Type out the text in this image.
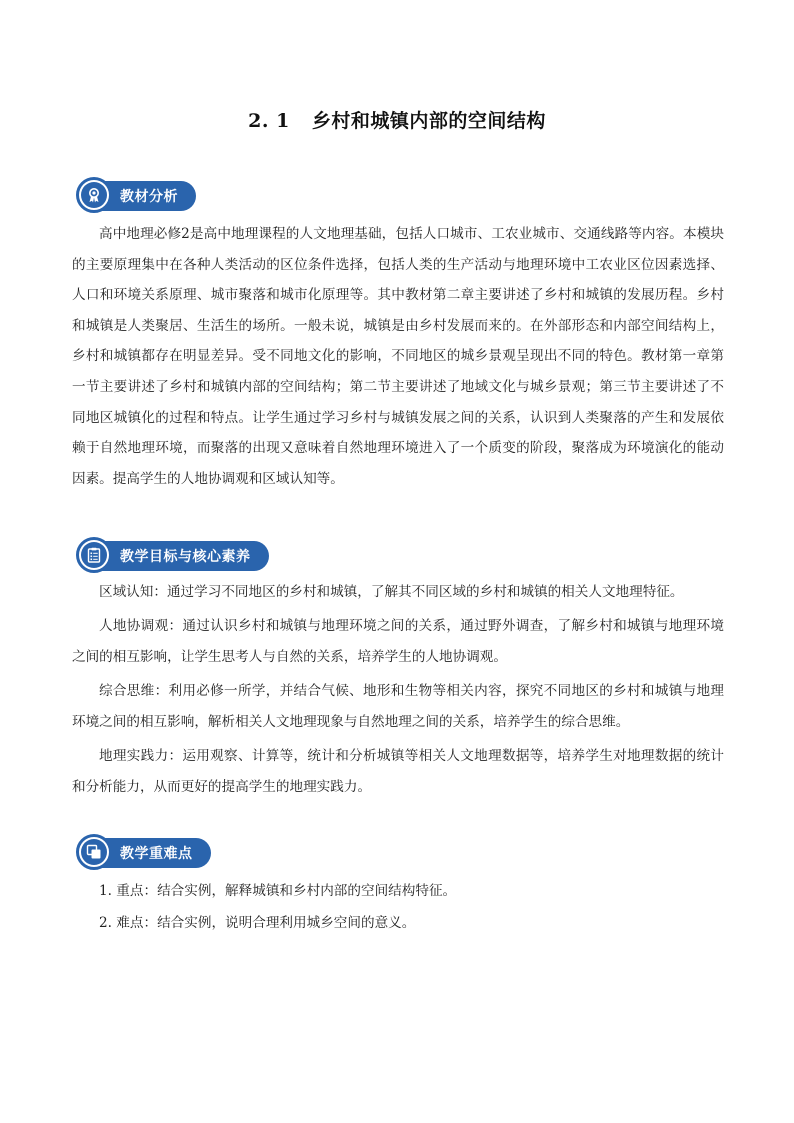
2. 1 乡村和城镇内部的空间结构
教材分析

高中地理必修2是高中地理课程的人文地理基础，包括人口城市、工农业城市、交通线路等内容。本模块的主要原理集中在各种人类活动的区位条件选择，包括人类的生产活动与地理环境中工农业区位因素选择、人口和环境关系原理、城市聚落和城市化原理等。其中教材第二章主要讲述了乡村和城镇的发展历程。乡村和城镇是人类聚居、生活生的场所。一般未说，城镇是由乡村发展而来的。在外部形态和内部空间结构上，乡村和城镇都存在明显差异。受不同地文化的影响，不同地区的城乡景观呈现出不同的特色。教材第一章第一节主要讲述了乡村和城镇内部的空间结构；第二节主要讲述了地域文化与城乡景观；第三节主要讲述了不同地区城镇化的过程和特点。让学生通过学习乡村与城镇发展之间的关系，认识到人类聚落的产生和发展依赖于自然地理环境，而聚落的出现又意味着自然地理环境进入了一个质变的阶段，聚落成为环境演化的能动因素。提高学生的人地协调观和区域认知等。

教学目标与核心素养

区域认知：通过学习不同地区的乡村和城镇，了解其不同区域的乡村和城镇的相关人文地理特征。

人地协调观：通过认识乡村和城镇与地理环境之间的关系，通过野外调查，了解乡村和城镇与地理环境之间的相互影响，让学生思考人与自然的关系，培养学生的人地协调观。

综合思维：利用必修一所学，并结合气候、地形和生物等相关内容，探究不同地区的乡村和城镇与地理环境之间的相互影响，解析相关人文地理现象与自然地理之间的关系，培养学生的综合思维。

地理实践力：运用观察、计算等，统计和分析城镇等相关人文地理数据等，培养学生对地理数据的统计和分析能力，从而更好的提高学生的地理实践力。

教学重难点
1. 重点：结合实例，解释城镇和乡村内部的空间结构特征。
2. 难点：结合实例，说明合理利用城乡空间的意义。
